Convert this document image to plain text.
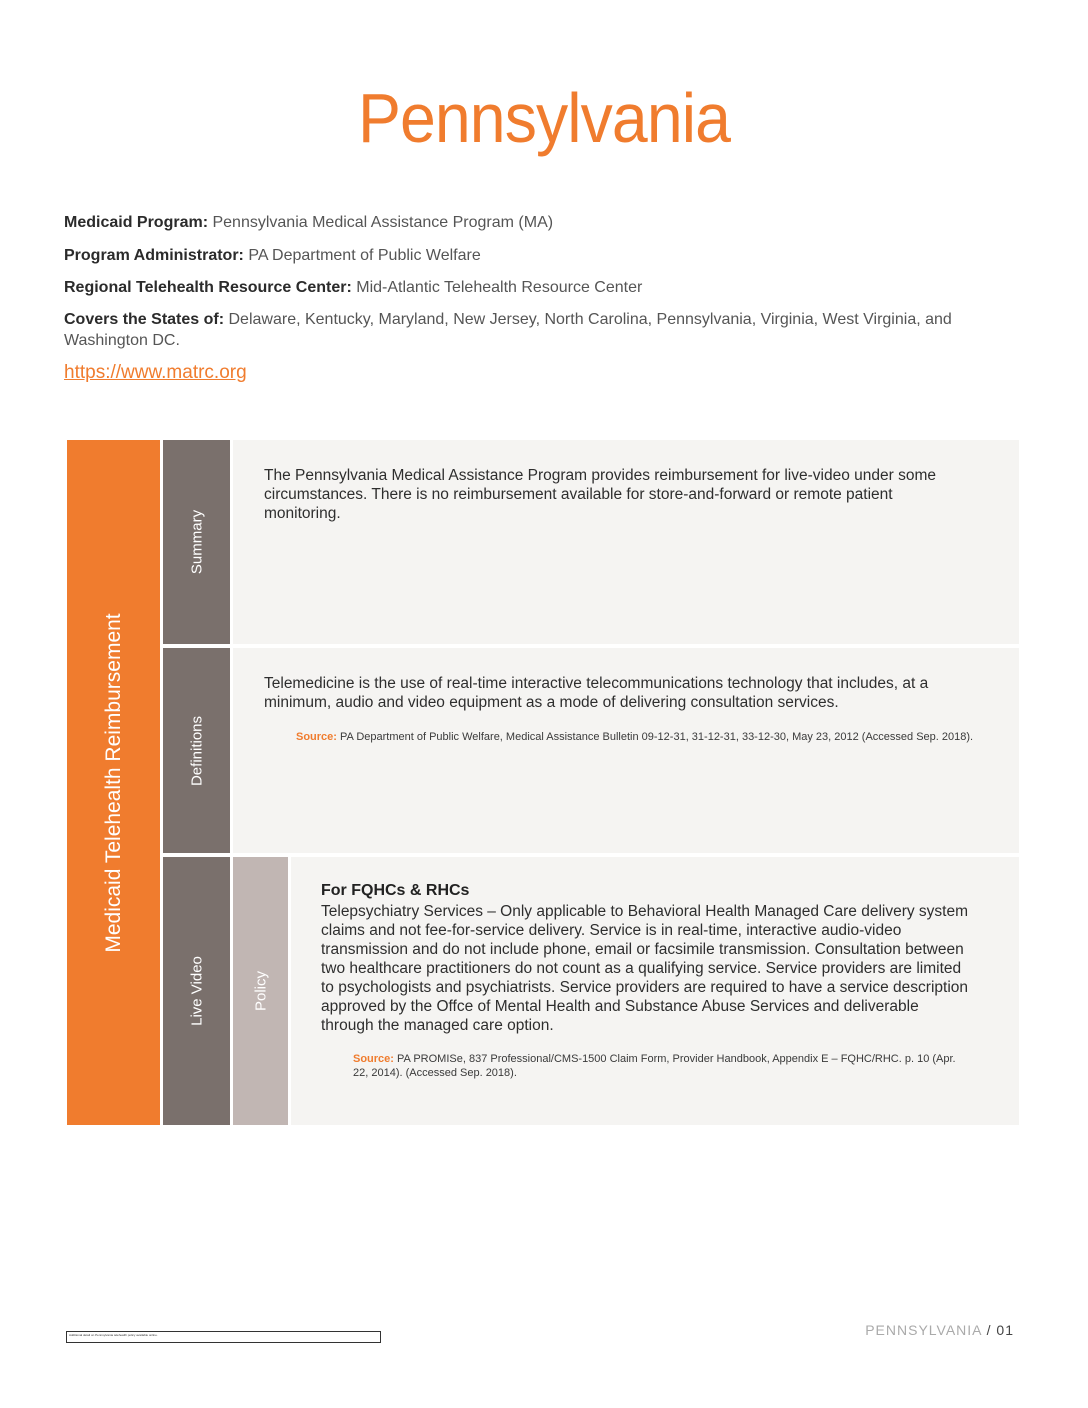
Pennsylvania
Medicaid Program: Pennsylvania Medical Assistance Program (MA)
Program Administrator: PA Department of Public Welfare
Regional Telehealth Resource Center: Mid-Atlantic Telehealth Resource Center
Covers the States of: Delaware, Kentucky, Maryland, New Jersey, North Carolina, Pennsylvania, Virginia, West Virginia, and Washington DC.
https://www.matrc.org
Medicaid Telehealth Reimbursement
Summary
The Pennsylvania Medical Assistance Program provides reimbursement for live-video under some circumstances. There is no reimbursement available for store-and-forward or remote patient monitoring.
Definitions
Telemedicine is the use of real-time interactive telecommunications technology that includes, at a minimum, audio and video equipment as a mode of delivering consultation services.
Source: PA Department of Public Welfare, Medical Assistance Bulletin 09-12-31, 31-12-31, 33-12-30, May 23, 2012 (Accessed Sep. 2018).
Live Video	Policy
For FQHCs & RHCs
Telepsychiatry Services – Only applicable to Behavioral Health Managed Care delivery system claims and not fee-for-service delivery. Service is in real-time, interactive audio-video transmission and do not include phone, email or facsimile transmission. Consultation between two healthcare practitioners do not count as a qualifying service. Service providers are limited to psychologists and psychiatrists. Service providers are required to have a service description approved by the Offce of Mental Health and Substance Abuse Services and deliverable through the managed care option.
Source: PA PROMISe, 837 Professional/CMS-1500 Claim Form, Provider Handbook, Appendix E – FQHC/RHC. p. 10 (Apr. 22, 2014). (Accessed Sep. 2018).
Additional detail on Pennsylvania telehealth policy available online.	PENNSYLVANIA / 01
